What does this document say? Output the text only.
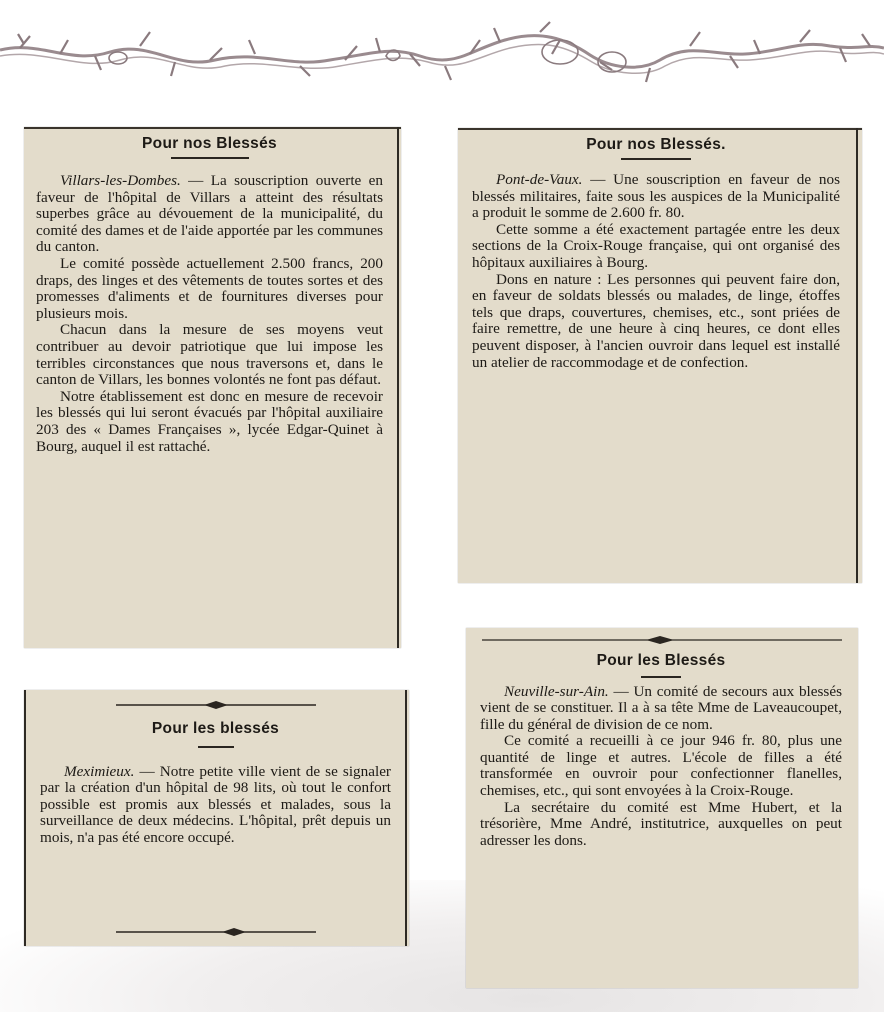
Pour nos Blessés

Villars-les-Dombes. — La souscription ouverte en faveur de l'hôpital de Villars a atteint des résultats superbes grâce au dévouement de la municipalité, du comité des dames et de l'aide apportée par les communes du canton.

Le comité possède actuellement 2.500 francs, 200 draps, des linges et des vêtements de toutes sortes et des promesses d'aliments et de fournitures diverses pour plusieurs mois.

Chacun dans la mesure de ses moyens veut contribuer au devoir patriotique que lui impose les terribles circonstances que nous traversons et, dans le canton de Villars, les bonnes volontés ne font pas défaut.

Notre établissement est donc en mesure de recevoir les blessés qui lui seront évacués par l'hôpital auxiliaire 203 des « Dames Françaises », lycée Edgar-Quinet à Bourg, auquel il est rattaché.

Pour nos Blessés.

Pont-de-Vaux. — Une souscription en faveur de nos blessés militaires, faite sous les auspices de la Municipalité a produit le somme de 2.600 fr. 80.

Cette somme a été exactement partagée entre les deux sections de la Croix-Rouge française, qui ont organisé des hôpitaux auxiliaires à Bourg.

Dons en nature : Les personnes qui peuvent faire don, en faveur de soldats blessés ou malades, de linge, étoffes tels que draps, couvertures, chemises, etc., sont priées de faire remettre, de une heure à cinq heures, ce dont elles peuvent disposer, à l'ancien ouvroir dans lequel est installé un atelier de raccommodage et de confection.

Pour les blessés

Meximieux. — Notre petite ville vient de se signaler par la création d'un hôpital de 98 lits, où tout le confort possible est promis aux blessés et malades, sous la surveillance de deux médecins. L'hôpital, prêt depuis un mois, n'a pas été encore occupé.

Pour les Blessés

Neuville-sur-Ain. — Un comité de secours aux blessés vient de se constituer. Il a à sa tête Mme de Laveaucoupet, fille du général de division de ce nom.

Ce comité a recueilli à ce jour 946 fr. 80, plus une quantité de linge et autres. L'école de filles a été transformée en ouvroir pour confectionner flanelles, chemises, etc., qui sont envoyées à la Croix-Rouge.

La secrétaire du comité est Mme Hubert, et la trésorière, Mme André, institutrice, auxquelles on peut adresser les dons.
